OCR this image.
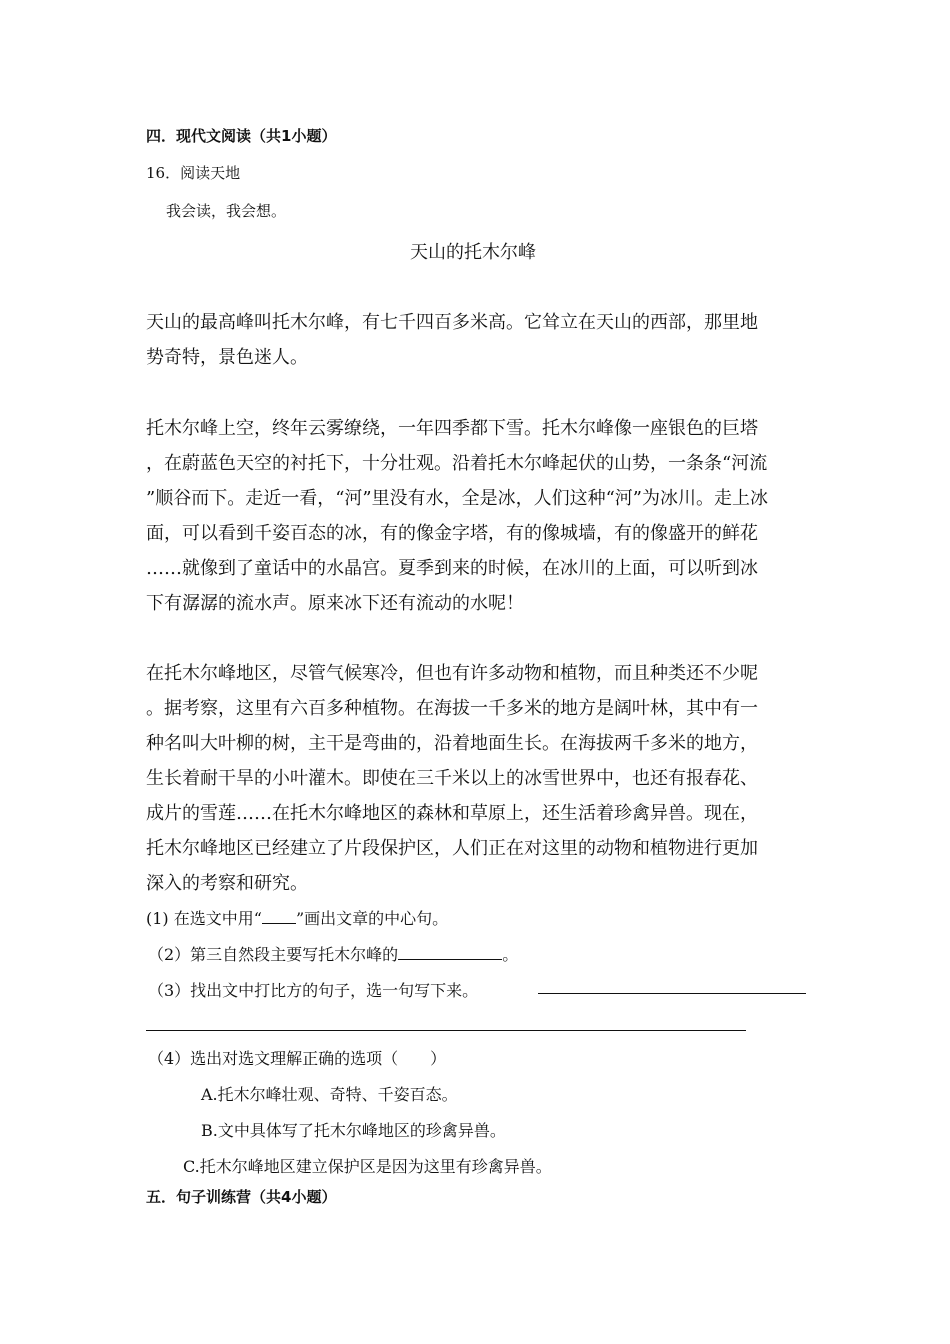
四．现代文阅读（共1小题）
16．阅读天地
我会读，我会想。
天山的托木尔峰
天山的最高峰叫托木尔峰，有七千四百多米高。它耸立在天山的西部，那里地
势奇特，景色迷人。
托木尔峰上空，终年云雾缭绕，一年四季都下雪。托木尔峰像一座银色的巨塔
，在蔚蓝色天空的衬托下，十分壮观。沿着托木尔峰起伏的山势，一条条“河流
”顺谷而下。走近一看，“河”里没有水，全是冰，人们这种“河”为冰川。走上冰
面，可以看到千姿百态的冰，有的像金字塔，有的像城墙，有的像盛开的鲜花
……就像到了童话中的水晶宫。夏季到来的时候，在冰川的上面，可以听到冰
下有潺潺的流水声。原来冰下还有流动的水呢！
在托木尔峰地区，尽管气候寒冷，但也有许多动物和植物，而且种类还不少呢
。据考察，这里有六百多种植物。在海拔一千多米的地方是阔叶林，其中有一
种名叫大叶柳的树，主干是弯曲的，沿着地面生长。在海拔两千多米的地方，
生长着耐干旱的小叶灌木。即使在三千米以上的冰雪世界中，也还有报春花、
成片的雪莲……在托木尔峰地区的森林和草原上，还生活着珍禽异兽。现在，
托木尔峰地区已经建立了片段保护区，人们正在对这里的动物和植物进行更加
深入的考察和研究。
(1) 在选文中用“ ”画出文章的中心句。
（2）第三自然段主要写托木尔峰的	。
（3）找出文中打比方的句子，选一句写下来。
（4）选出对选文理解正确的选项（　　）
A.托木尔峰壮观、奇特、千姿百态。
B.文中具体写了托木尔峰地区的珍禽异兽。
C.托木尔峰地区建立保护区是因为这里有珍禽异兽。
五．句子训练营（共4小题）
